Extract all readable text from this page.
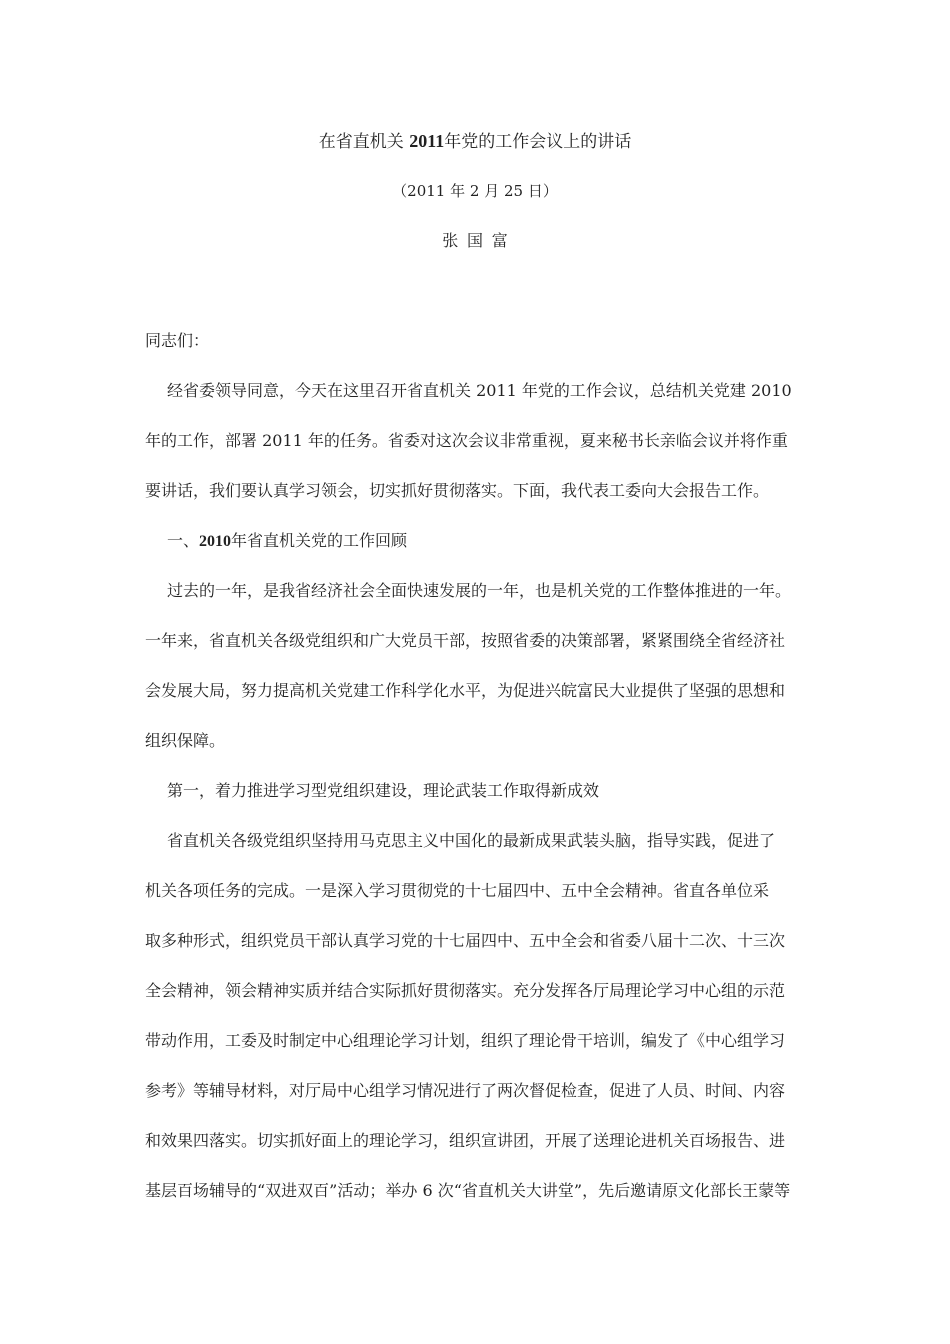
在省直机关 2011年党的工作会议上的讲话
（2011 年 2 月 25 日）
张国富
同志们：
经省委领导同意，今天在这里召开省直机关 2011 年党的工作会议，总结机关党建 2010
年的工作，部署 2011 年的任务。省委对这次会议非常重视，夏来秘书长亲临会议并将作重
要讲话，我们要认真学习领会，切实抓好贯彻落实。下面，我代表工委向大会报告工作。
一、2010年省直机关党的工作回顾
过去的一年，是我省经济社会全面快速发展的一年，也是机关党的工作整体推进的一年。
一年来，省直机关各级党组织和广大党员干部，按照省委的决策部署，紧紧围绕全省经济社
会发展大局，努力提高机关党建工作科学化水平，为促进兴皖富民大业提供了坚强的思想和
组织保障。
第一，着力推进学习型党组织建设，理论武装工作取得新成效
省直机关各级党组织坚持用马克思主义中国化的最新成果武装头脑，指导实践，促进了
机关各项任务的完成。一是深入学习贯彻党的十七届四中、五中全会精神。省直各单位采
取多种形式，组织党员干部认真学习党的十七届四中、五中全会和省委八届十二次、十三次
全会精神，领会精神实质并结合实际抓好贯彻落实。充分发挥各厅局理论学习中心组的示范
带动作用，工委及时制定中心组理论学习计划，组织了理论骨干培训，编发了《中心组学习
参考》等辅导材料，对厅局中心组学习情况进行了两次督促检查，促进了人员、时间、内容
和效果四落实。切实抓好面上的理论学习，组织宣讲团，开展了送理论进机关百场报告、进
基层百场辅导的“双进双百”活动；举办 6 次“省直机关大讲堂”，先后邀请原文化部长王蒙等
